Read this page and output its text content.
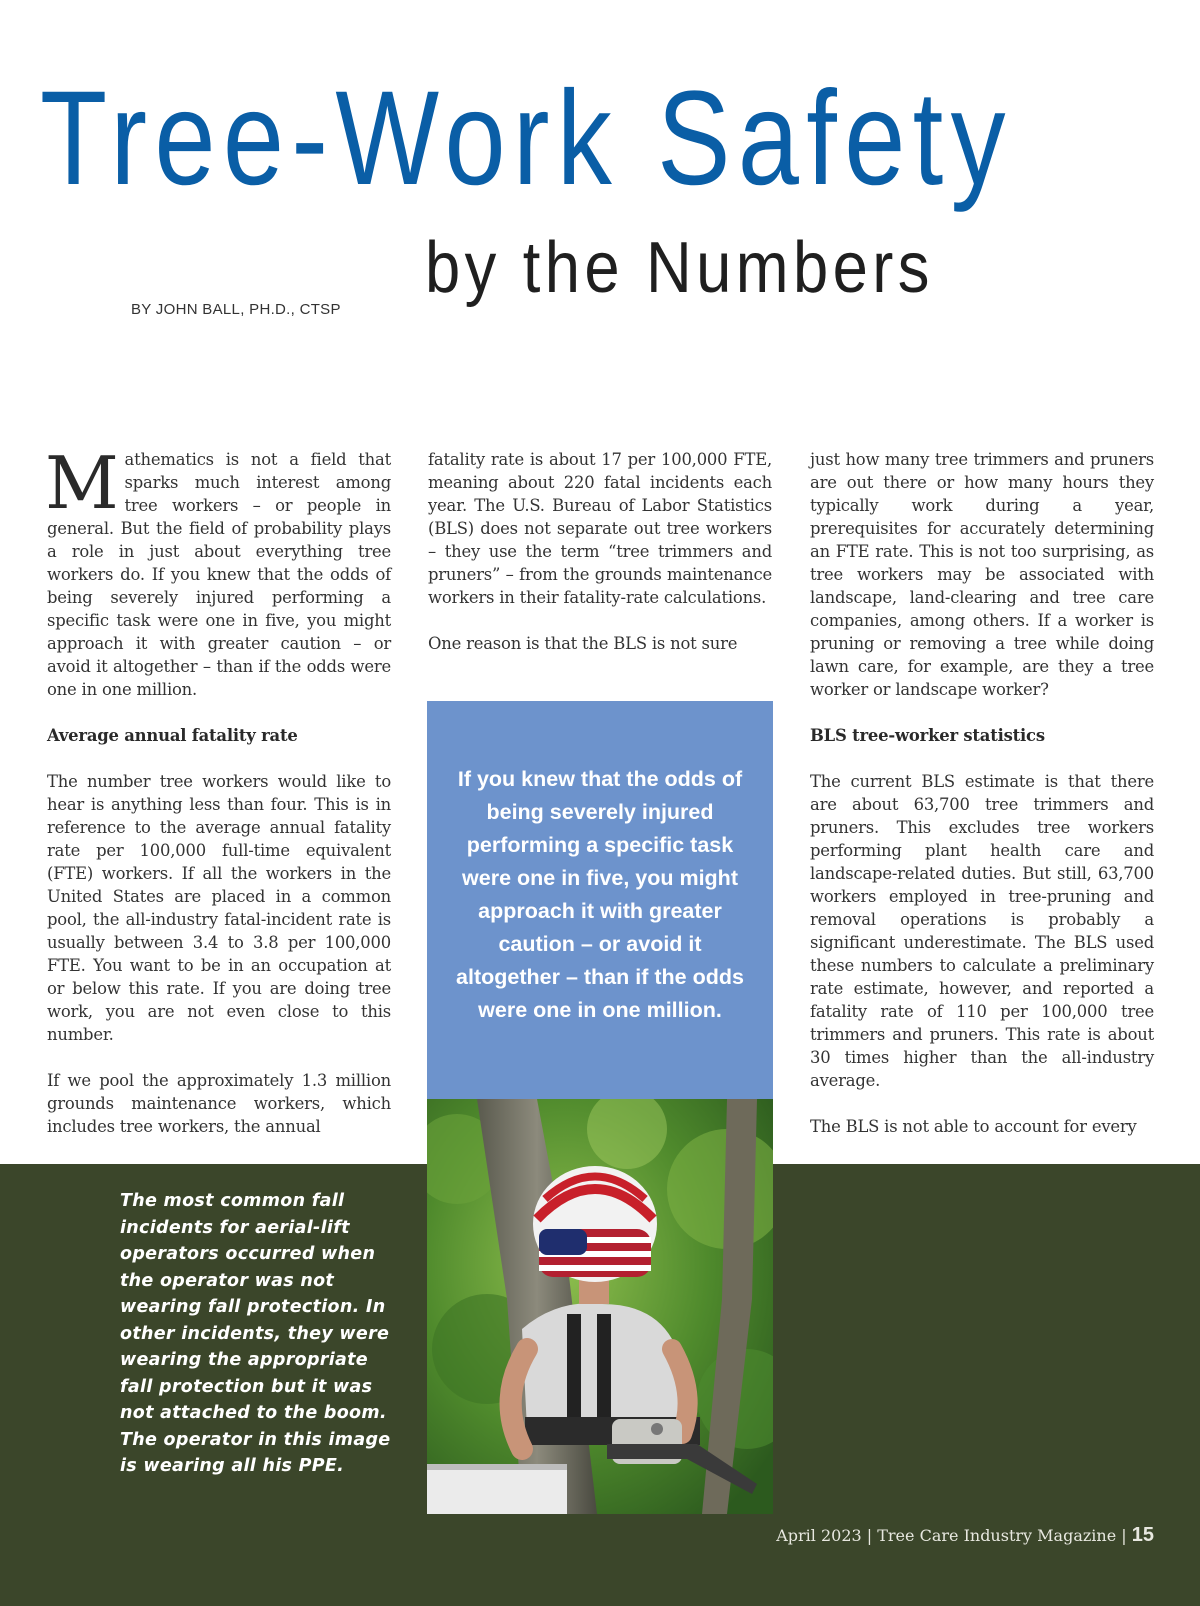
Tree-Work Safety
by the Numbers
BY JOHN BALL, PH.D., CTSP

Mathematics is not a field that sparks much interest among tree workers – or people in general. But the field of probability plays a role in just about everything tree workers do. If you knew that the odds of being severely injured performing a specific task were one in five, you might approach it with greater caution – or avoid it altogether – than if the odds were one in one million.

Average annual fatality rate

The number tree workers would like to hear is anything less than four. This is in reference to the average annual fatality rate per 100,000 full-time equivalent (FTE) workers. If all the workers in the United States are placed in a common pool, the all-industry fatal-incident rate is usually between 3.4 to 3.8 per 100,000 FTE. You want to be in an occupation at or below this rate. If you are doing tree work, you are not even close to this number.

If we pool the approximately 1.3 million grounds maintenance workers, which includes tree workers, the annual

fatality rate is about 17 per 100,000 FTE, meaning about 220 fatal incidents each year. The U.S. Bureau of Labor Statistics (BLS) does not separate out tree workers – they use the term “tree trimmers and pruners” – from the grounds maintenance workers in their fatality-rate calculations.

One reason is that the BLS is not sure

just how many tree trimmers and pruners are out there or how many hours they typically work during a year, prerequisites for accurately determining an FTE rate. This is not too surprising, as tree workers may be associated with landscape, land-clearing and tree care companies, among others. If a worker is pruning or removing a tree while doing lawn care, for example, are they a tree worker or landscape worker?

BLS tree-worker statistics

The current BLS estimate is that there are about 63,700 tree trimmers and pruners. This excludes tree workers performing plant health care and landscape-related duties. But still, 63,700 workers employed in tree-pruning and removal operations is probably a significant underestimate. The BLS used these numbers to calculate a preliminary rate estimate, however, and reported a fatality rate of 110 per 100,000 tree trimmers and pruners. This rate is about 30 times higher than the all-industry average.

The BLS is not able to account for every

If you knew that the odds of being severely injured performing a specific task were one in five, you might approach it with greater caution – or avoid it altogether – than if the odds were one in one million.
The most common fall incidents for aerial-lift operators occurred when the operator was not wearing fall protection. In other incidents, they were wearing the appropriate fall protection but it was not attached to the boom. The operator in this image is wearing all his PPE.
April 2023 | Tree Care Industry Magazine | 15
